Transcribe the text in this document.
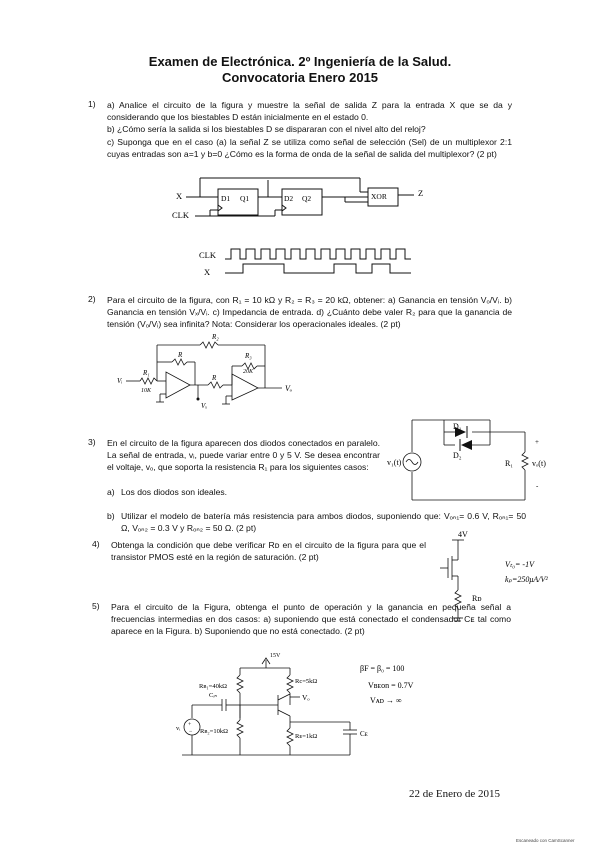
Examen de Electrónica. 2º Ingeniería de la Salud.
Convocatoria Enero 2015
1) a) Analice el circuito de la figura y muestre la señal de salida Z para la entrada X que se da y considerando que los biestables D están inicialmente en el estado 0.
b) ¿Cómo sería la salida si los biestables D se dispararan con el nivel alto del reloj?
c) Suponga que en el caso (a) la señal Z se utiliza como señal de selección (Sel) de un multiplexor 2:1 cuyas entradas son a=1 y b=0 ¿Cómo es la forma de onda de la señal de salida del multiplexor? (2 pt)
X
CLK
D1 Q1	D2 Q2	XOR	Z
CLK
X
2) Para el circuito de la figura, con R₁ = 10 kΩ y R₂ = R₃ = 20 kΩ, obtener: a) Ganancia en tensión Vₒ/Vᵢ. b) Ganancia en tensión Vₓ/Vᵢ. c) Impedancia de entrada. d) ¿Cuánto debe valer R₂ para que la ganancia de tensión (Vₒ/Vᵢ) sea infinita? Nota: Considerar los operacionales ideales. (2 pt)
R₂
R	R₃
20K
R₁
10K
Vᵢ
Vₓ
Vₒ
R
3) En el circuito de la figura aparecen dos diodos conectados en paralelo. La señal de entrada, vᵢ, puede variar entre 0 y 5 V. Se desea encontrar el voltaje, vₒ, que soporta la resistencia R₁ para los siguientes casos:
a) Los dos diodos son ideales.
b) Utilizar el modelo de batería más resistencia para ambos diodos, suponiendo que: Vₒₙ₁= 0.6 V, Rₒₙ₁= 50 Ω, Vₒₙ₂ = 0.3 V y Rₒₙ₂ = 50 Ω. (2 pt)
D₁
D₂
v₁(t)	R₁ vₒ(t)
+
-
4) Obtenga la condición que debe verificar Rᴅ en el circuito de la figura para que el transistor PMOS esté en la región de saturación. (2 pt)
4V
Rᴅ
Vₜ₀= -1V
kₚ=250μA/V²
5) Para el circuito de la Figura, obtenga el punto de operación y la ganancia en pequeña señal a frecuencias intermedias en dos casos: a) suponiendo que está conectado el condensador Cᴇ tal como aparece en la Figura. b) Suponiendo que no está conectado. (2 pt)
+
−
15V
Rʙ₁=40kΩ
Rc=5kΩ
Vₒ
Cᵢₙ
vᵢ	Rʙ₂=10kΩ
Rᴇ=1kΩ	Cᴇ
βF = β₀ = 100
Vʙᴇon = 0.7V
Vᴀᴅ → ∞
22 de Enero de 2015
Escaneado con CamScanner
